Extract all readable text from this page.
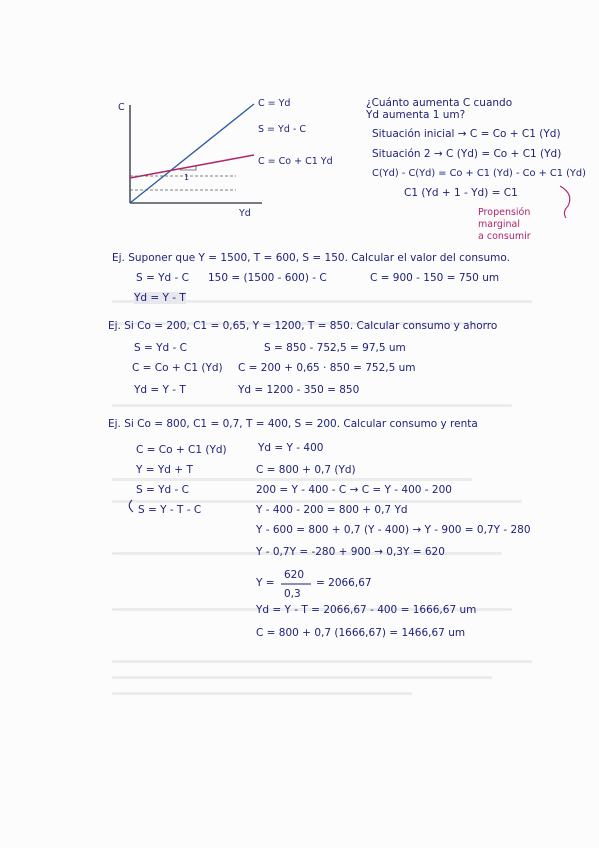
C
Yd
C = Yd
S = Yd - C
C = Co + C1 Yd
1
¿Cuánto aumenta C cuando Yd aumenta 1 um?
Situación inicial → C = Co + C1 (Yd)
Situación 2 → C (Yd) = Co + C1 (Yd)
C(Yd) - C(Yd) = Co + C1 (Yd) - Co + C1 (Yd)
C1 (Yd + 1 - Yd) = C1
Propensión
marginal
a consumir
Ej. Suponer que Y = 1500, T = 600, S = 150. Calcular el valor del consumo.
S = Yd - C 150 = (1500 - 600) - C	C = 900 - 150 = 750 um
Yd = Y - T
Ej. Si Co = 200, C1 = 0,65, Y = 1200, T = 850. Calcular consumo y ahorro
S = Yd - C	S = 850 - 752,5 = 97,5 um
C = Co + C1 (Yd) C = 200 + 0,65 · 850 = 752,5 um
Yd = Y - T	Yd = 1200 - 350 = 850
Ej. Si Co = 800, C1 = 0,7, T = 400, S = 200. Calcular consumo y renta
C = Co + C1 (Yd)
Y = Yd + T
S = Yd - C
S = Y - T - C
Yd = Y - 400
C = 800 + 0,7 (Yd)
200 = Y - 400 - C → C = Y - 400 - 200
Y - 400 - 200 = 800 + 0,7 Yd
Y - 600 = 800 + 0,7 (Y - 400) → Y - 900 = 0,7Y - 280
Y - 0,7Y = -280 + 900 → 0,3Y = 620
Y =
620
0,3
= 2066,67
Yd = Y - T = 2066,67 - 400 = 1666,67 um
C = 800 + 0,7 (1666,67) = 1466,67 um
